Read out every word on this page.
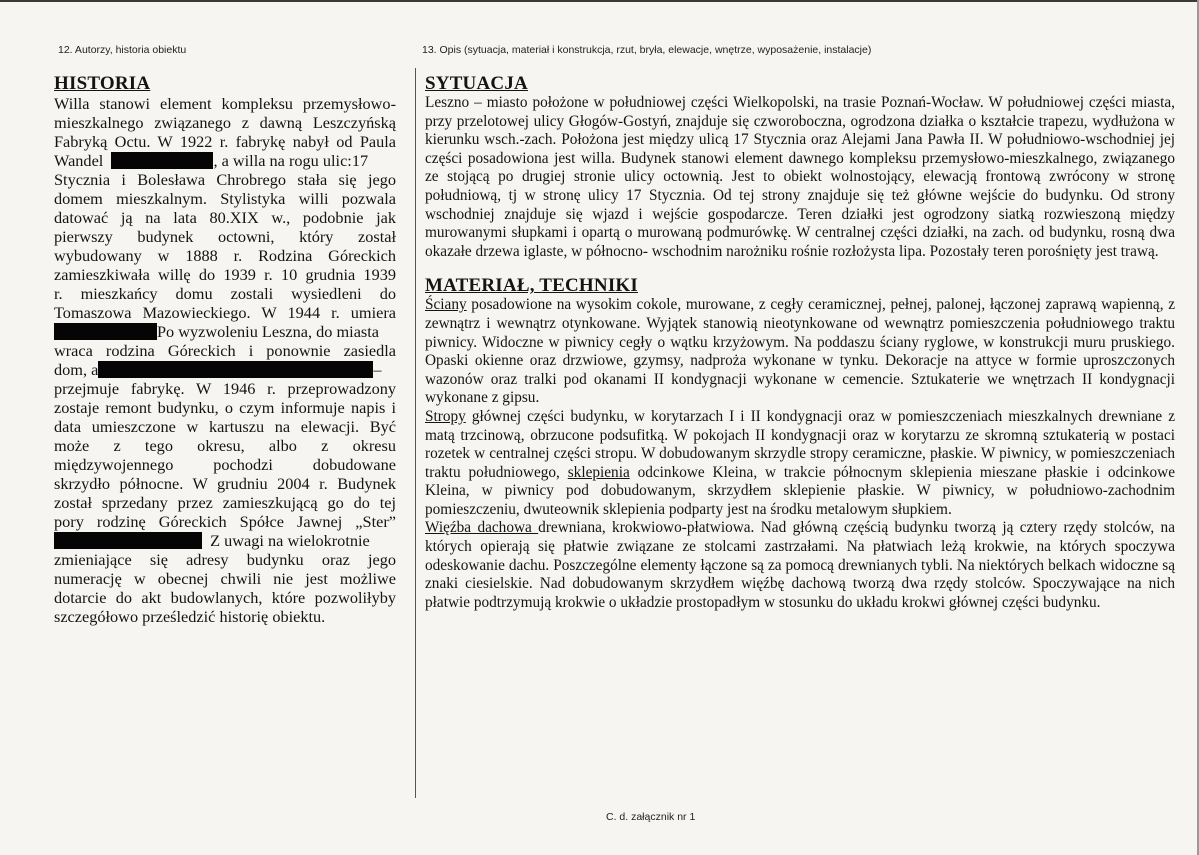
12. Autorzy, historia obiektu	13. Opis (sytuacja, materiał i konstrukcja, rzut, bryła, elewacje, wnętrze, wyposażenie, instalacje)
HISTORIA
Willa stanowi element kompleksu przemysłowo-
mieszkalnego związanego z dawną Leszczyńską
Fabryką Octu. W 1922 r. fabrykę nabył od Paula
Wandel	, a willa na rogu ulic:17
Stycznia i Bolesława Chrobrego stała się jego
domem mieszkalnym. Stylistyka willi pozwala
datować ją na lata 80.XIX w., podobnie jak
pierwszy budynek octowni, który został
wybudowany w 1888 r. Rodzina Góreckich
zamieszkiwała willę do 1939 r. 10 grudnia 1939
r. mieszkańcy domu zostali wysiedleni do
Tomaszowa Mazowieckiego. W 1944 r. umiera
Po wyzwoleniu Leszna, do miasta
wraca rodzina Góreckich i ponownie zasiedla
dom, a	–
przejmuje fabrykę. W 1946 r. przeprowadzony
zostaje remont budynku, o czym informuje napis i
data umieszczone w kartuszu na elewacji. Być
może z tego okresu, albo z okresu
międzywojennego pochodzi dobudowane
skrzydło północne. W grudniu 2004 r. Budynek
został sprzedany przez zamieszkującą go do tej
pory rodzinę Góreckich Spółce Jawnej „Ster”
Z uwagi na wielokrotnie
zmieniające się adresy budynku oraz jego
numerację w obecnej chwili nie jest możliwe
dotarcie do akt budowlanych, które pozwoliłyby
szczegółowo prześledzić historię obiektu.
SYTUACJA

Leszno – miasto położone w południowej części Wielkopolski, na trasie Poznań-Wocław. W południowej części miasta, przy przelotowej ulicy Głogów-Gostyń, znajduje się czworoboczna, ogrodzona działka o kształcie trapezu, wydłużona w kierunku wsch.-zach. Położona jest między ulicą 17 Stycznia oraz Alejami Jana Pawła II. W południowo-wschodniej jej części posadowiona jest willa. Budynek stanowi element dawnego kompleksu przemysłowo-mieszkalnego, związanego ze stojącą po drugiej stronie ulicy octownią. Jest to obiekt wolnostojący, elewacją frontową zwrócony w stronę południową, tj w stronę ulicy 17 Stycznia. Od tej strony znajduje się też główne wejście do budynku. Od strony wschodniej znajduje się wjazd i wejście gospodarcze. Teren działki jest ogrodzony siatką rozwieszoną między murowanymi słupkami i opartą o murowaną podmurówkę. W centralnej części działki, na zach. od budynku, rosną dwa okazałe drzewa iglaste, w północno- wschodnim narożniku rośnie rozłożysta lipa. Pozostały teren porośnięty jest trawą.

MATERIAŁ, TECHNIKI

Ściany posadowione na wysokim cokole, murowane, z cegły ceramicznej, pełnej, palonej, łączonej zaprawą wapienną, z zewnątrz i wewnątrz otynkowane. Wyjątek stanowią nieotynkowane od wewnątrz pomieszczenia południowego traktu piwnicy. Widoczne w piwnicy cegły o wątku krzyżowym. Na poddaszu ściany ryglowe, w konstrukcji muru pruskiego. Opaski okienne oraz drzwiowe, gzymsy, nadproża wykonane w tynku. Dekoracje na attyce w formie uproszczonych wazonów oraz tralki pod okanami II kondygnacji wykonane w cemencie. Sztukaterie we wnętrzach II kondygnacji wykonane z gipsu.

Stropy głównej części budynku, w korytarzach I i II kondygnacji oraz w pomieszczeniach mieszkalnych drewniane z matą trzcinową, obrzucone podsufitką. W pokojach II kondygnacji oraz w korytarzu ze skromną sztukaterią w postaci rozetek w centralnej części stropu. W dobudowanym skrzydle stropy ceramiczne, płaskie. W piwnicy, w pomieszczeniach traktu południowego, sklepienia odcinkowe Kleina, w trakcie północnym sklepienia mieszane płaskie i odcinkowe Kleina, w piwnicy pod dobudowanym, skrzydłem sklepienie płaskie. W piwnicy, w południowo-zachodnim pomieszczeniu, dwuteownik sklepienia podparty jest na środku metalowym słupkiem.

Więźba dachowa drewniana, krokwiowo-płatwiowa. Nad główną częścią budynku tworzą ją cztery rzędy stolców, na których opierają się płatwie związane ze stolcami zastrzałami. Na płatwiach leżą krokwie, na których spoczywa odeskowanie dachu. Poszczególne elementy łączone są za pomocą drewnianych tybli. Na niektórych belkach widoczne są znaki ciesielskie. Nad dobudowanym skrzydłem więźbę dachową tworzą dwa rzędy stolców. Spoczywające na nich płatwie podtrzymują krokwie o układzie prostopadłym w stosunku do układu krokwi głównej części budynku.

C. d. załącznik nr 1
